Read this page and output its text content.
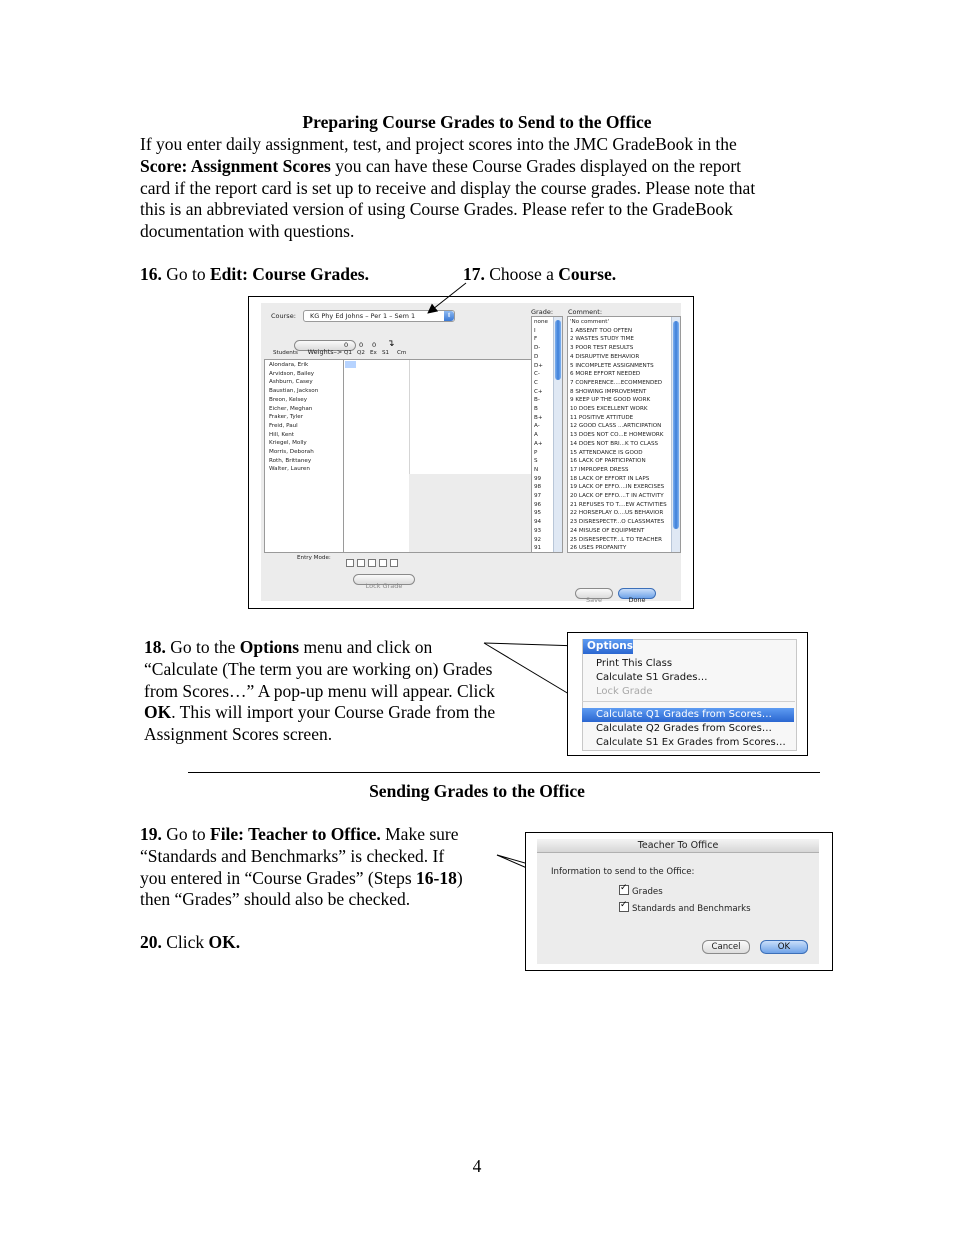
Preparing Course Grades to Send to the Office
If you enter daily assignment, test, and project scores into the JMC GradeBook in the
Score: Assignment Scores you can have these Course Grades displayed on the report
card if the report card is set up to receive and display the course grades. Please note that
this is an abbreviated version of using Course Grades. Please refer to the GradeBook
documentation with questions.
16. Go to Edit: Course Grades.	17. Choose a Course.
Course: KG Phy Ed Johns – Per 1 – Sem 1	⇕	Grade: Comment:
Weights–>
0 0 0 ↴
Students	Q1 Q2 Ex S1 Cm
Alondara, Erik
Arvidson, Bailey
Ashburn, Casey
Baustian, Jackson
Breon, Kelsey
Eicher, Meghan
Fraker, Tyler
Freid, Paul
Hill, Kent
Kriegel, Molly
Morris, Deborah
Roth, Brittaney
Walter, Lauren
none
I
F
D-
D
D+
C-
C
C+
B-
B
B+
A-
A
A+
P
S
N
99
98
97
96
95
94
93
92
91
'No comment'
1 ABSENT TOO OFTEN
2 WASTES STUDY TIME
3 POOR TEST RESULTS
4 DISRUPTIVE BEHAVIOR
5 INCOMPLETE ASSIGNMENTS
6 MORE EFFORT NEEDED
7 CONFERENCE....ECOMMENDED
8 SHOWING IMPROVEMENT
9 KEEP UP THE GOOD WORK
10 DOES EXCELLENT WORK
11 POSITIVE ATTITUDE
12 GOOD CLASS ...ARTICIPATION
13 DOES NOT CO...E HOMEWORK
14 DOES NOT BRI...K TO CLASS
15 ATTENDANCE IS GOOD
16 LACK OF PARTICIPATION
17 IMPROPER DRESS
18 LACK OF EFFORT IN LAPS
19 LACK OF EFFO....IN EXERCISES
20 LACK OF EFFO....T IN ACTIVITY
21 REFUSES TO T....EW ACTIVITIES
22 HORSEPLAY O....US BEHAVIOR
23 DISRESPECTF...O CLASSMATES
24 MISUSE OF EQUIPMENT
25 DISRESPECTF...L TO TEACHER
26 USES PROFANITY
Entry Mode:
Lock Grade
Save	Done
18. Go to the Options menu and click on
“Calculate (The term you are working on) Grades
from Scores…” A pop-up menu will appear. Click
OK. This will import your Course Grade from the
Assignment Scores screen.
Options
Print This Class
Calculate S1 Grades…
Lock Grade
Calculate Q1 Grades from Scores…
Calculate Q2 Grades from Scores…
Calculate S1 Ex Grades from Scores…
Sending Grades to the Office
19. Go to File: Teacher to Office. Make sure
“Standards and Benchmarks” is checked. If
you entered in “Course Grades” (Steps 16-18)
then “Grades” should also be checked.
20. Click OK.
Teacher To Office
Information to send to the Office:
✓Grades
✓Standards and Benchmarks
Cancel	OK
4
